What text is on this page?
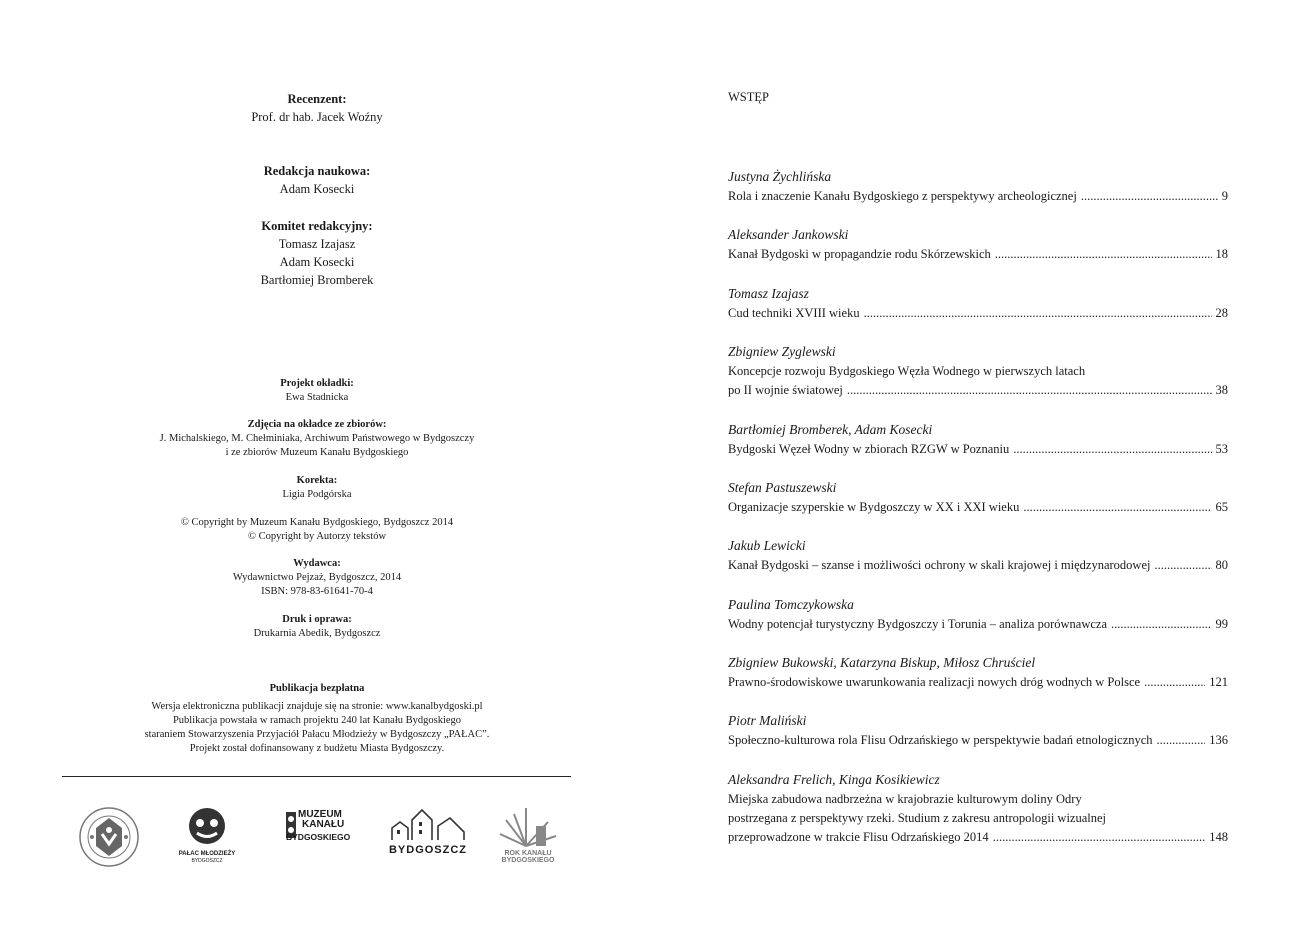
Recenzent:
Prof. dr hab. Jacek Woźny
Redakcja naukowa:
Adam Kosecki
Komitet redakcyjny:
Tomasz Izajasz
Adam Kosecki
Bartłomiej Bromberek
Projekt okładki:
Ewa Stadnicka
Zdjęcia na okładce ze zbiorów:
J. Michalskiego, M. Chełminiaka, Archiwum Państwowego w Bydgoszczy
i ze zbiorów Muzeum Kanału Bydgoskiego
Korekta:
Ligia Podgórska
© Copyright by Muzeum Kanału Bydgoskiego, Bydgoszcz 2014
© Copyright by Autorzy tekstów
Wydawca:
Wydawnictwo Pejzaż, Bydgoszcz, 2014
ISBN: 978-83-61641-70-4
Druk i oprawa:
Drukarnia Abedik, Bydgoszcz
Publikacja bezpłatna
Wersja elektroniczna publikacji znajduje się na stronie: www.kanalbydgoski.pl
Publikacja powstała w ramach projektu 240 lat Kanału Bydgoskiego
staraniem Stowarzyszenia Przyjaciół Pałacu Młodzieży w Bydgoszczy „PAŁAC”.
Projekt został dofinansowany z budżetu Miasta Bydgoszczy.
PAŁAC MŁODZIEŻY
BYDGOSZCZ
MUZEUM
KANAŁU
BYDGOSKIEGO
BYDGOSZCZ	ROK KANAŁU
BYDGOSKIEGO
WSTĘP
Justyna Żychlińska
Rola i znaczenie Kanału Bydgoskiego z perspektywy archeologicznej .....	9
Aleksander Jankowski
Kanał Bydgoski w propagandzie rodu Skórzewskich .....	18
Tomasz Izajasz
Cud techniki XVIII wieku .....	28
Zbigniew Zyglewski
Koncepcje rozwoju Bydgoskiego Węzła Wodnego w pierwszych latach
po II wojnie światowej .....	38
Bartłomiej Bromberek, Adam Kosecki
Bydgoski Węzeł Wodny w zbiorach RZGW w Poznaniu .....	53
Stefan Pastuszewski
Organizacje szyperskie w Bydgoszczy w XX i XXI wieku .....	65
Jakub Lewicki
Kanał Bydgoski – szanse i możliwości ochrony w skali krajowej i międzynarodowej .....	80
Paulina Tomczykowska
Wodny potencjał turystyczny Bydgoszczy i Torunia – analiza porównawcza .....	99
Zbigniew Bukowski, Katarzyna Biskup, Miłosz Chruściel
Prawno-środowiskowe uwarunkowania realizacji nowych dróg wodnych w Polsce .....	121
Piotr Maliński
Społeczno-kulturowa rola Flisu Odrzańskiego w perspektywie badań etnologicznych .....	136
Aleksandra Frelich, Kinga Kosikiewicz
Miejska zabudowa nadbrzeżna w krajobrazie kulturowym doliny Odry
postrzegana z perspektywy rzeki. Studium z zakresu antropologii wizualnej
przeprowadzone w trakcie Flisu Odrzańskiego 2014 .....	148
